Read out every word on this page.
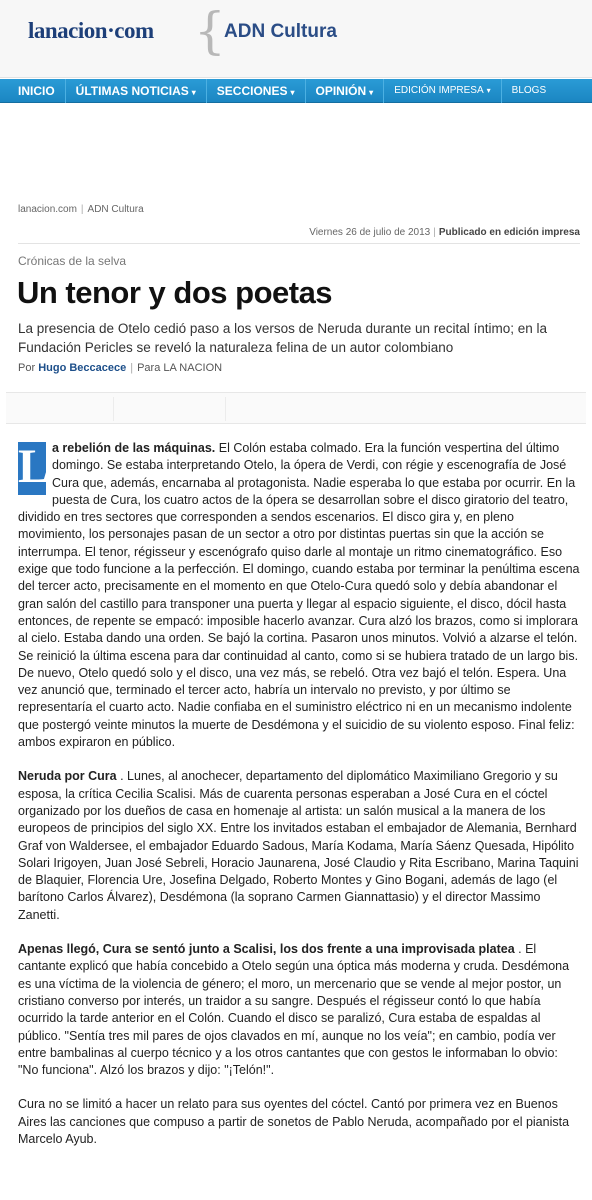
lanacion·com {
ADN Cultura
INICIO	ÚLTIMAS NOTICIAS ▾	SECCIONES ▾	OPINIÓN ▾	EDICIÓN IMPRESA ▾	BLOGS
lanacion.com | ADN Cultura
Viernes 26 de julio de 2013 | Publicado en edición impresa
Crónicas de la selva
Un tenor y dos poetas
La presencia de Otelo cedió paso a los versos de Neruda durante un recital íntimo; en la Fundación Pericles se reveló la naturaleza felina de un autor colombiano
Por Hugo Beccacece | Para LA NACION

L a rebelión de las máquinas. El Colón estaba colmado. Era la función vespertina del último domingo. Se estaba interpretando Otelo, la ópera de Verdi, con régie y escenografía de José Cura que, además, encarnaba al protagonista. Nadie esperaba lo que estaba por ocurrir. En la puesta de Cura, los cuatro actos de la ópera se desarrollan sobre el disco giratorio del teatro, dividido en tres sectores que corresponden a sendos escenarios. El disco gira y, en pleno movimiento, los personajes pasan de un sector a otro por distintas puertas sin que la acción se interrumpa. El tenor, régisseur y escenógrafo quiso darle al montaje un ritmo cinematográfico. Eso exige que todo funcione a la perfección. El domingo, cuando estaba por terminar la penúltima escena del tercer acto, precisamente en el momento en que Otelo-Cura quedó solo y debía abandonar el gran salón del castillo para transponer una puerta y llegar al espacio siguiente, el disco, dócil hasta entonces, de repente se empacó: imposible hacerlo avanzar. Cura alzó los brazos, como si implorara al cielo. Estaba dando una orden. Se bajó la cortina. Pasaron unos minutos. Volvió a alzarse el telón. Se reinició la última escena para dar continuidad al canto, como si se hubiera tratado de un largo bis. De nuevo, Otelo quedó solo y el disco, una vez más, se rebeló. Otra vez bajó el telón. Espera. Una vez anunció que, terminado el tercer acto, habría un intervalo no previsto, y por último se representaría el cuarto acto. Nadie confiaba en el suministro eléctrico ni en un mecanismo indolente que postergó veinte minutos la muerte de Desdémona y el suicidio de su violento esposo. Final feliz: ambos expiraron en público.

Neruda por Cura . Lunes, al anochecer, departamento del diplomático Maximiliano Gregorio y su esposa, la crítica Cecilia Scalisi. Más de cuarenta personas esperaban a José Cura en el cóctel organizado por los dueños de casa en homenaje al artista: un salón musical a la manera de los europeos de principios del siglo XX. Entre los invitados estaban el embajador de Alemania, Bernhard Graf von Waldersee, el embajador Eduardo Sadous, María Kodama, María Sáenz Quesada, Hipólito Solari Irigoyen, Juan José Sebreli, Horacio Jaunarena, José Claudio y Rita Escribano, Marina Taquini de Blaquier, Florencia Ure, Josefina Delgado, Roberto Montes y Gino Bogani, además de lago (el barítono Carlos Álvarez), Desdémona (la soprano Carmen Giannattasio) y el director Massimo Zanetti.

Apenas llegó, Cura se sentó junto a Scalisi, los dos frente a una improvisada platea . El cantante explicó que había concebido a Otelo según una óptica más moderna y cruda. Desdémona es una víctima de la violencia de género; el moro, un mercenario que se vende al mejor postor, un cristiano converso por interés, un traidor a su sangre. Después el régisseur contó lo que había ocurrido la tarde anterior en el Colón. Cuando el disco se paralizó, Cura estaba de espaldas al público. "Sentía tres mil pares de ojos clavados en mí, aunque no los veía"; en cambio, podía ver entre bambalinas al cuerpo técnico y a los otros cantantes que con gestos le informaban lo obvio: "No funciona". Alzó los brazos y dijo: "¡Telón!".

Cura no se limitó a hacer un relato para sus oyentes del cóctel. Cantó por primera vez en Buenos Aires las canciones que compuso a partir de sonetos de Pablo Neruda, acompañado por el pianista Marcelo Ayub.
